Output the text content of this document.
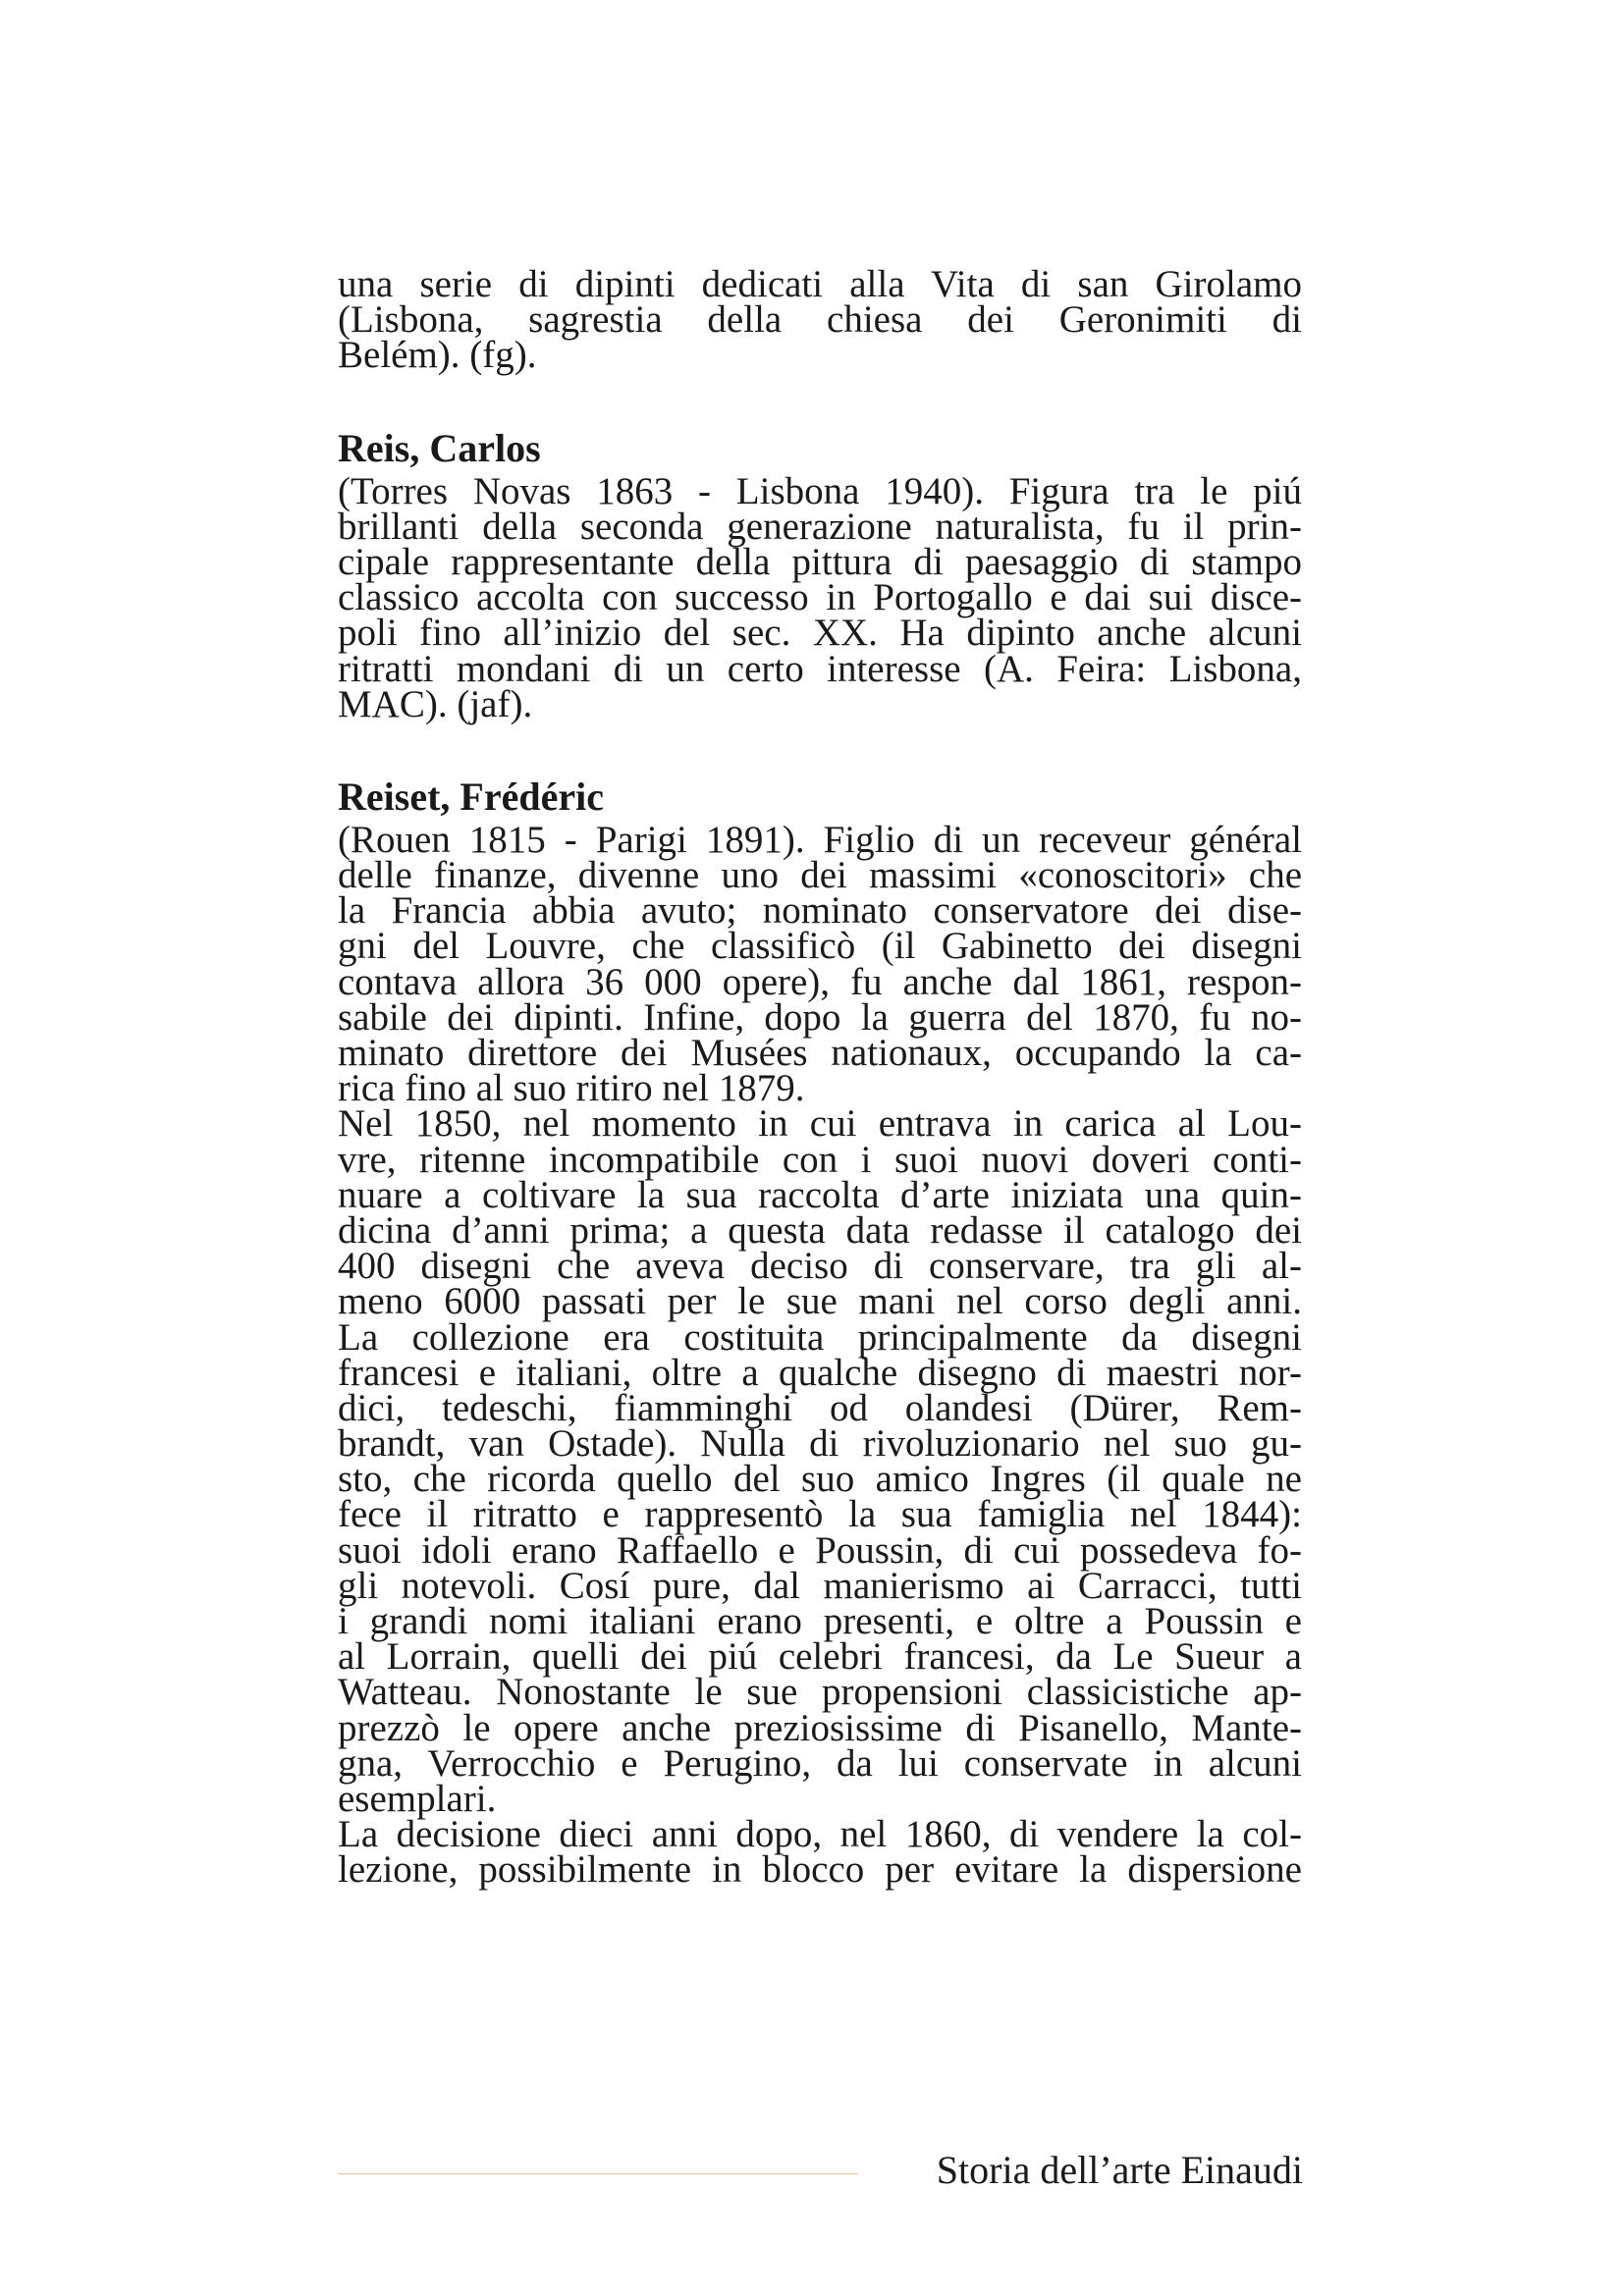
una serie di dipinti dedicati alla Vita di san Girolamo
(Lisbona, sagrestia della chiesa dei Geronimiti di
Belém). (fg).
Reis, Carlos
(Torres Novas 1863 - Lisbona 1940). Figura tra le piú
brillanti della seconda generazione naturalista, fu il prin-
cipale rappresentante della pittura di paesaggio di stampo
classico accolta con successo in Portogallo e dai sui disce-
poli fino all’inizio del sec. XX. Ha dipinto anche alcuni
ritratti mondani di un certo interesse (A. Feira: Lisbona,
MAC). (jaf).
Reiset, Frédéric
(Rouen 1815 - Parigi 1891). Figlio di un receveur général
delle finanze, divenne uno dei massimi «conoscitori» che
la Francia abbia avuto; nominato conservatore dei dise-
gni del Louvre, che classificò (il Gabinetto dei disegni
contava allora 36 000 opere), fu anche dal 1861, respon-
sabile dei dipinti. Infine, dopo la guerra del 1870, fu no-
minato direttore dei Musées nationaux, occupando la ca-
rica fino al suo ritiro nel 1879.
Nel 1850, nel momento in cui entrava in carica al Lou-
vre, ritenne incompatibile con i suoi nuovi doveri conti-
nuare a coltivare la sua raccolta d’arte iniziata una quin-
dicina d’anni prima; a questa data redasse il catalogo dei
400 disegni che aveva deciso di conservare, tra gli al-
meno 6000 passati per le sue mani nel corso degli anni.
La collezione era costituita principalmente da disegni
francesi e italiani, oltre a qualche disegno di maestri nor-
dici, tedeschi, fiamminghi od olandesi (Dürer, Rem-
brandt, van Ostade). Nulla di rivoluzionario nel suo gu-
sto, che ricorda quello del suo amico Ingres (il quale ne
fece il ritratto e rappresentò la sua famiglia nel 1844):
suoi idoli erano Raffaello e Poussin, di cui possedeva fo-
gli notevoli. Cosí pure, dal manierismo ai Carracci, tutti
i grandi nomi italiani erano presenti, e oltre a Poussin e
al Lorrain, quelli dei piú celebri francesi, da Le Sueur a
Watteau. Nonostante le sue propensioni classicistiche ap-
prezzò le opere anche preziosissime di Pisanello, Mante-
gna, Verrocchio e Perugino, da lui conservate in alcuni
esemplari.
La decisione dieci anni dopo, nel 1860, di vendere la col-
lezione, possibilmente in blocco per evitare la dispersione
Storia dell’arte Einaudi
